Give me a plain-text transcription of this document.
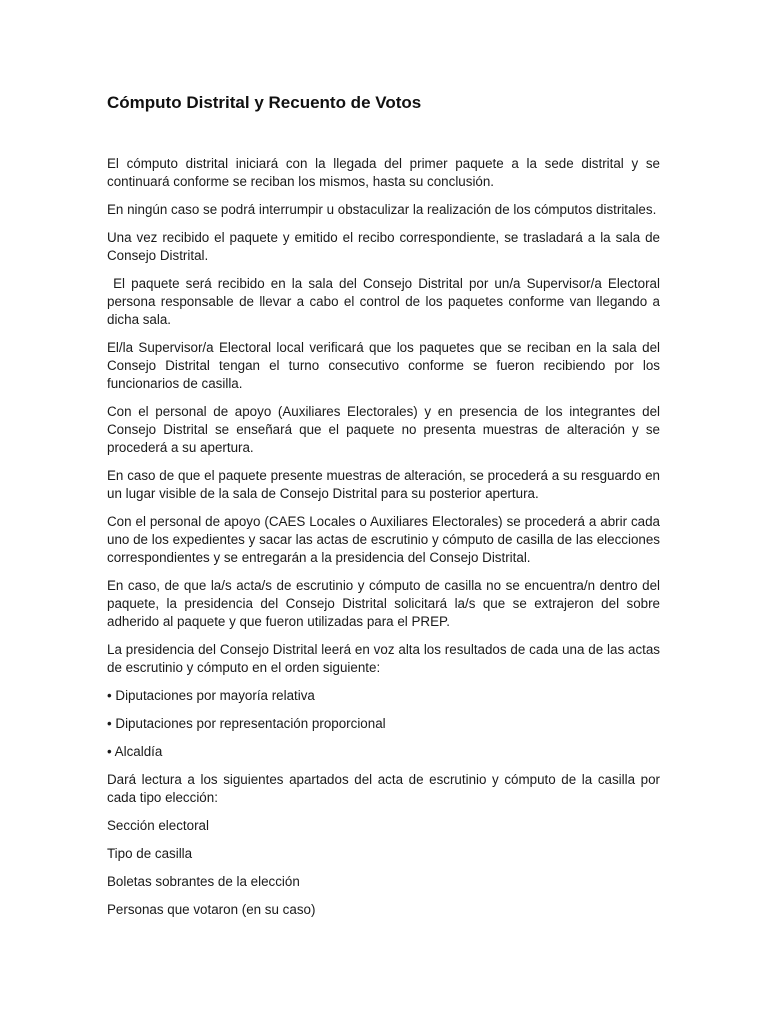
Cómputo Distrital y Recuento de Votos

El cómputo distrital iniciará con la llegada del primer paquete a la sede distrital y se continuará conforme se reciban los mismos, hasta su conclusión.

En ningún caso se podrá interrumpir u obstaculizar la realización de los cómputos distritales.

Una vez recibido el paquete y emitido el recibo correspondiente, se trasladará a la sala de Consejo Distrital.

El paquete será recibido en la sala del Consejo Distrital por un/a Supervisor/a Electoral persona responsable de llevar a cabo el control de los paquetes conforme van llegando a dicha sala.

El/la Supervisor/a Electoral local verificará que los paquetes que se reciban en la sala del Consejo Distrital tengan el turno consecutivo conforme se fueron recibiendo por los funcionarios de casilla.

Con el personal de apoyo (Auxiliares Electorales) y en presencia de los integrantes del Consejo Distrital se enseñará que el paquete no presenta muestras de alteración y se procederá a su apertura.

En caso de que el paquete presente muestras de alteración, se procederá a su resguardo en un lugar visible de la sala de Consejo Distrital para su posterior apertura.

Con el personal de apoyo (CAES Locales o Auxiliares Electorales) se procederá a abrir cada uno de los expedientes y sacar las actas de escrutinio y cómputo de casilla de las elecciones correspondientes y se entregarán a la presidencia del Consejo Distrital.

En caso, de que la/s acta/s de escrutinio y cómputo de casilla no se encuentra/n dentro del paquete, la presidencia del Consejo Distrital solicitará la/s que se extrajeron del sobre adherido al paquete y que fueron utilizadas para el PREP.

La presidencia del Consejo Distrital leerá en voz alta los resultados de cada una de las actas de escrutinio y cómputo en el orden siguiente:

• Diputaciones por mayoría relativa

• Diputaciones por representación proporcional

• Alcaldía

Dará lectura a los siguientes apartados del acta de escrutinio y cómputo de la casilla por cada tipo elección:

Sección electoral

Tipo de casilla

Boletas sobrantes de la elección

Personas que votaron (en su caso)
